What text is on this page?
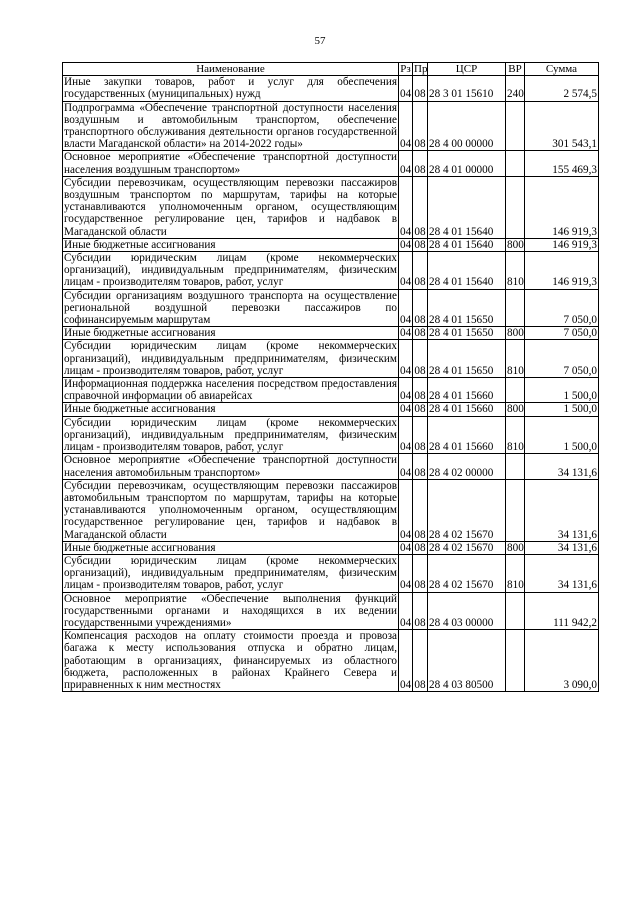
57
Наименование	Рз	Пр	ЦСР	ВР	Сумма
Иные закупки товаров, работ и услуг для обеспечения государственных (муниципальных) нужд	04	08	28 3 01 15610	240	2 574,5
Подпрограмма «Обеспечение транспортной доступности населения воздушным и автомобильным транспортом, обеспечение транспортного обслуживания деятельности органов государственной власти Магаданской области» на 2014-2022 годы»	04	08	28 4 00 00000		301 543,1
Основное мероприятие «Обеспечение транспортной доступности населения воздушным транспортом»	04	08	28 4 01 00000		155 469,3
Субсидии перевозчикам, осуществляющим перевозки пассажиров воздушным транспортом по маршрутам, тарифы на которые устанавливаются уполномоченным органом, осуществляющим государственное регулирование цен, тарифов и надбавок в Магаданской области	04	08	28 4 01 15640		146 919,3
Иные бюджетные ассигнования	04	08	28 4 01 15640	800	146 919,3
Субсидии юридическим лицам (кроме некоммерческих организаций), индивидуальным предпринимателям, физическим лицам - производителям товаров, работ, услуг	04	08	28 4 01 15640	810	146 919,3
Субсидии организациям воздушного транспорта на осуществление региональной воздушной перевозки пассажиров по софинансируемым маршрутам	04	08	28 4 01 15650		7 050,0
Иные бюджетные ассигнования	04	08	28 4 01 15650	800	7 050,0
Субсидии юридическим лицам (кроме некоммерческих организаций), индивидуальным предпринимателям, физическим лицам - производителям товаров, работ, услуг	04	08	28 4 01 15650	810	7 050,0
Информационная поддержка населения посредством предоставления справочной информации об авиарейсах	04	08	28 4 01 15660		1 500,0
Иные бюджетные ассигнования	04	08	28 4 01 15660	800	1 500,0
Субсидии юридическим лицам (кроме некоммерческих организаций), индивидуальным предпринимателям, физическим лицам - производителям товаров, работ, услуг	04	08	28 4 01 15660	810	1 500,0
Основное мероприятие «Обеспечение транспортной доступности населения автомобильным транспортом»	04	08	28 4 02 00000		34 131,6
Субсидии перевозчикам, осуществляющим перевозки пассажиров автомобильным транспортом по маршрутам, тарифы на которые устанавливаются уполномоченным органом, осуществляющим государственное регулирование цен, тарифов и надбавок в Магаданской области	04	08	28 4 02 15670		34 131,6
Иные бюджетные ассигнования	04	08	28 4 02 15670	800	34 131,6
Субсидии юридическим лицам (кроме некоммерческих организаций), индивидуальным предпринимателям, физическим лицам - производителям товаров, работ, услуг	04	08	28 4 02 15670	810	34 131,6
Основное мероприятие «Обеспечение выполнения функций государственными органами и находящихся в их ведении государственными учреждениями»	04	08	28 4 03 00000		111 942,2
Компенсация расходов на оплату стоимости проезда и провоза багажа к месту использования отпуска и обратно лицам, работающим в организациях, финансируемых из областного бюджета, расположенных в районах Крайнего Севера и приравненных к ним местностях	04	08	28 4 03 80500		3 090,0
